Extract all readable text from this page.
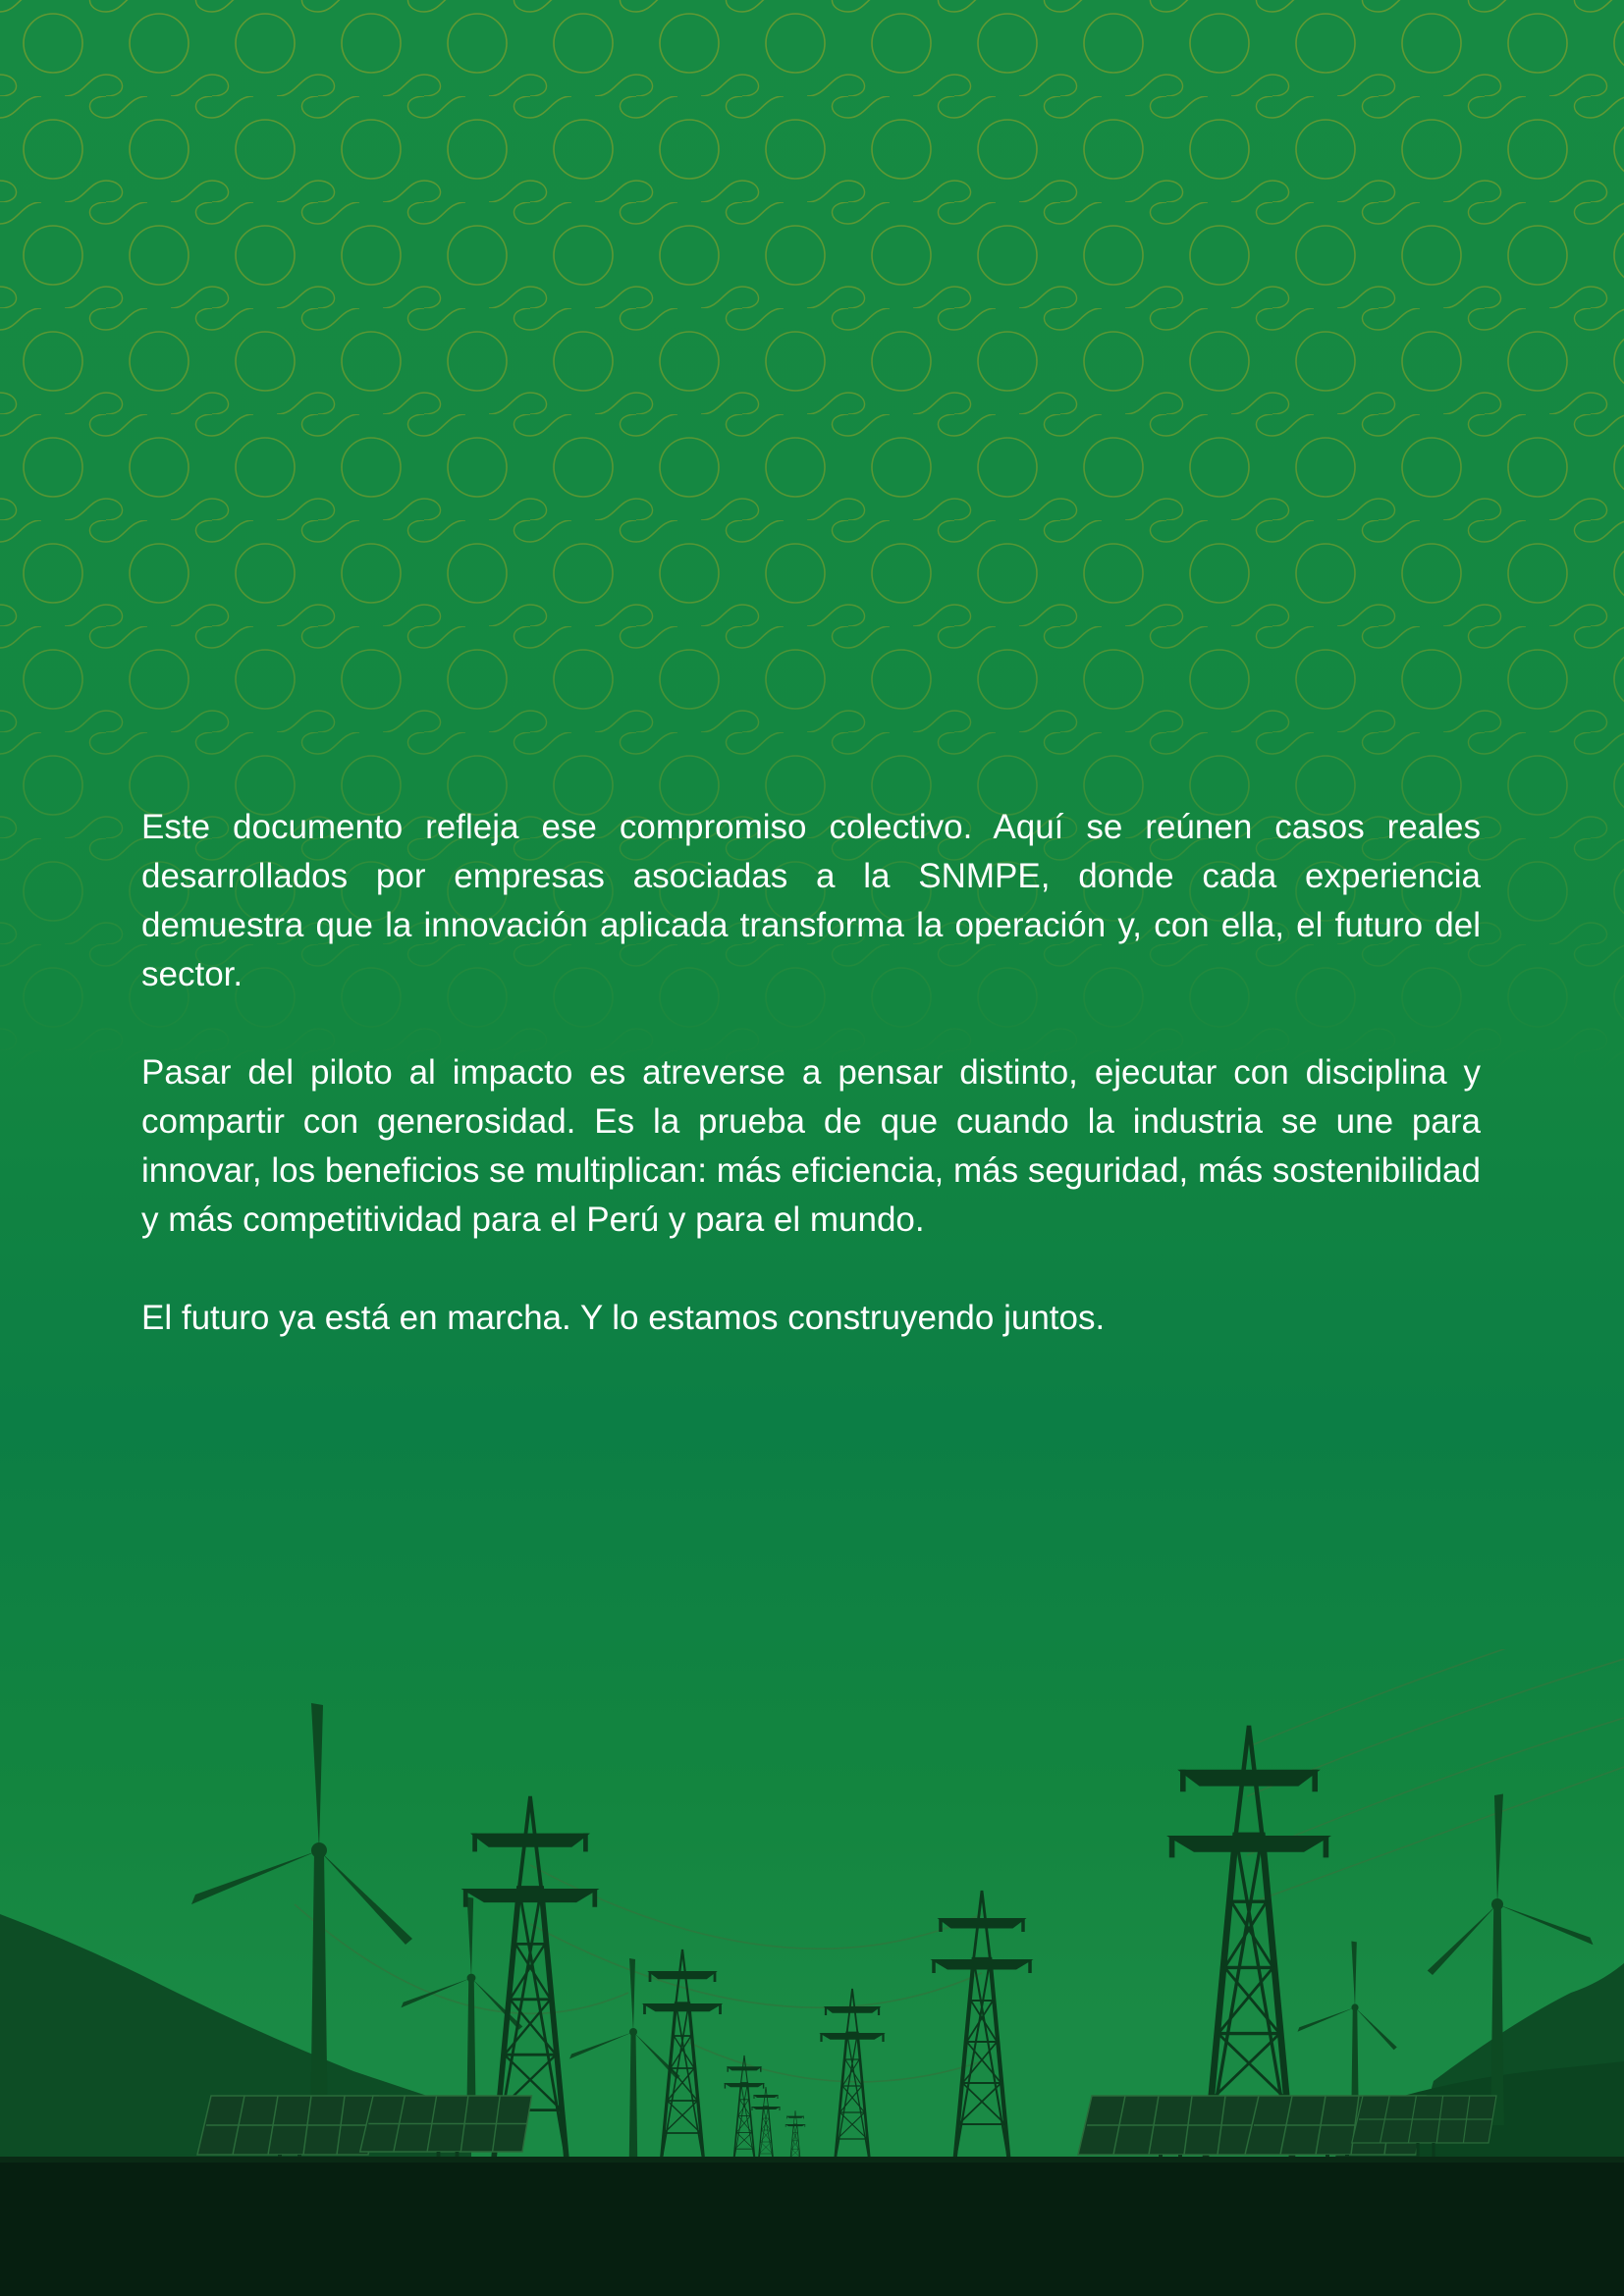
Este documento refleja ese compromiso colectivo. Aquí se reúnen casos reales desarrollados por empresas asociadas a la SNMPE, donde cada experiencia demuestra que la innovación aplicada transforma la operación y, con ella, el futuro del sector.

Pasar del piloto al impacto es atreverse a pensar distinto, ejecutar con disciplina y compartir con generosidad. Es la prueba de que cuando la industria se une para innovar, los beneficios se multiplican: más eficiencia, más seguridad, más sostenibilidad y más competitividad para el Perú y para el mundo.

El futuro ya está en marcha. Y lo estamos construyendo juntos.
